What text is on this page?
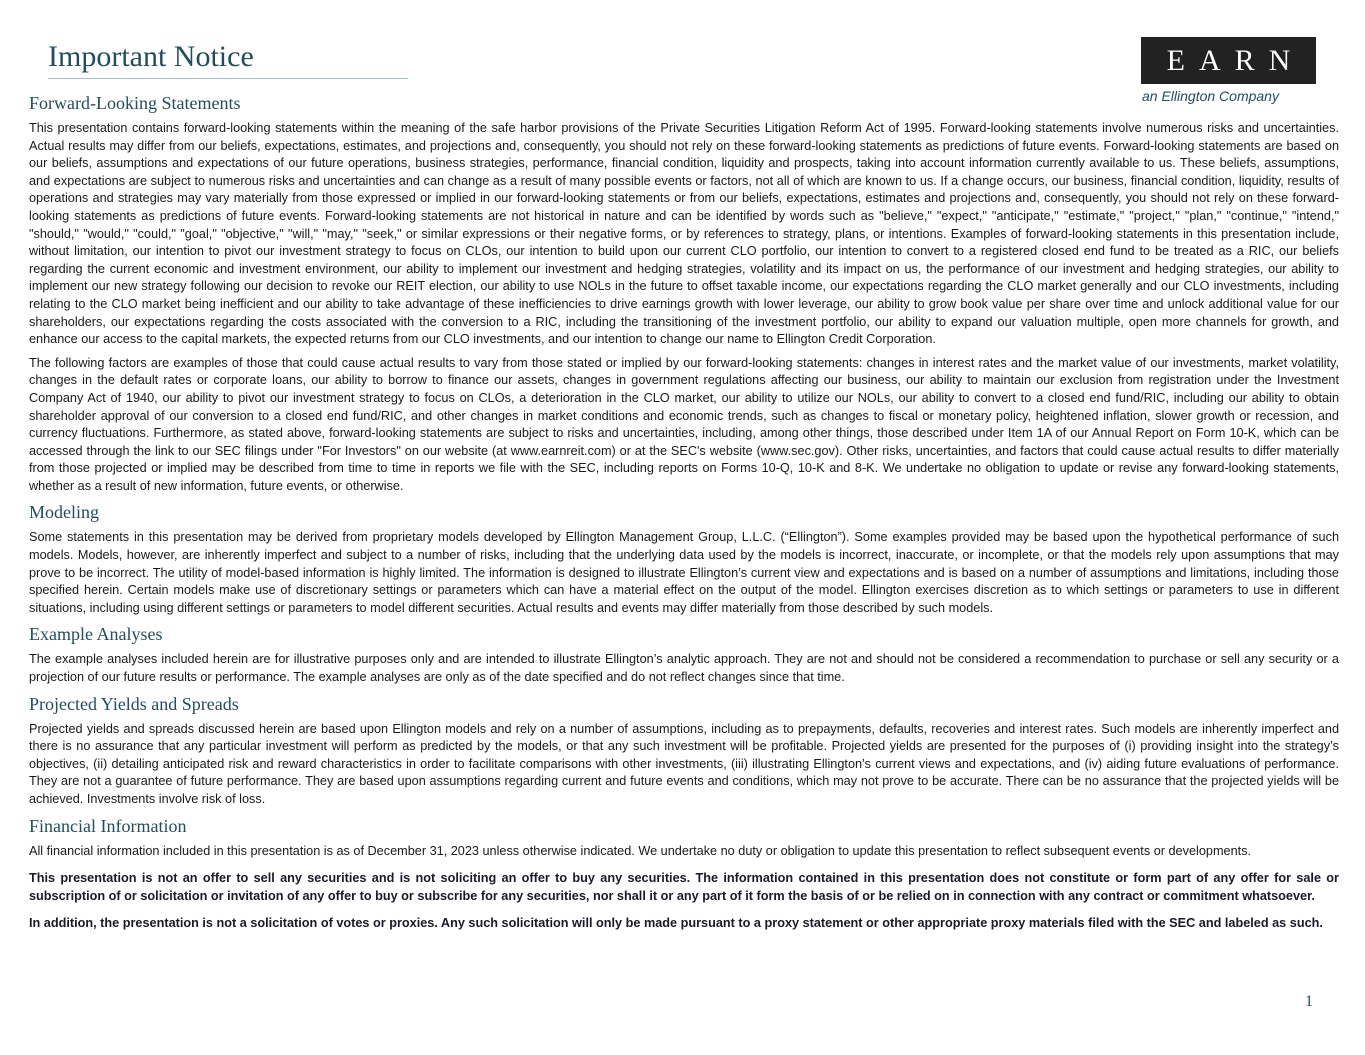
Important Notice	EARN
an Ellington Company
Forward-Looking Statements

This presentation contains forward-looking statements within the meaning of the safe harbor provisions of the Private Securities Litigation Reform Act of 1995. Forward-looking statements involve numerous risks and uncertainties. Actual results may differ from our beliefs, expectations, estimates, and projections and, consequently, you should not rely on these forward-looking statements as predictions of future events. Forward-looking statements are based on our beliefs, assumptions and expectations of our future operations, business strategies, performance, financial condition, liquidity and prospects, taking into account information currently available to us. These beliefs, assumptions, and expectations are subject to numerous risks and uncertainties and can change as a result of many possible events or factors, not all of which are known to us. If a change occurs, our business, financial condition, liquidity, results of operations and strategies may vary materially from those expressed or implied in our forward-looking statements or from our beliefs, expectations, estimates and projections and, consequently, you should not rely on these forward-looking statements as predictions of future events. Forward-looking statements are not historical in nature and can be identified by words such as "believe," "expect," "anticipate," "estimate," "project," "plan," "continue," "intend," "should," "would," "could," "goal," "objective," "will," "may," "seek," or similar expressions or their negative forms, or by references to strategy, plans, or intentions. Examples of forward-looking statements in this presentation include, without limitation, our intention to pivot our investment strategy to focus on CLOs, our intention to build upon our current CLO portfolio, our intention to convert to a registered closed end fund to be treated as a RIC, our beliefs regarding the current economic and investment environment, our ability to implement our investment and hedging strategies, volatility and its impact on us, the performance of our investment and hedging strategies, our ability to implement our new strategy following our decision to revoke our REIT election, our ability to use NOLs in the future to offset taxable income, our expectations regarding the CLO market generally and our CLO investments, including relating to the CLO market being inefficient and our ability to take advantage of these inefficiencies to drive earnings growth with lower leverage, our ability to grow book value per share over time and unlock additional value for our shareholders, our expectations regarding the costs associated with the conversion to a RIC, including the transitioning of the investment portfolio, our ability to expand our valuation multiple, open more channels for growth, and enhance our access to the capital markets, the expected returns from our CLO investments, and our intention to change our name to Ellington Credit Corporation.

The following factors are examples of those that could cause actual results to vary from those stated or implied by our forward-looking statements: changes in interest rates and the market value of our investments, market volatility, changes in the default rates or corporate loans, our ability to borrow to finance our assets, changes in government regulations affecting our business, our ability to maintain our exclusion from registration under the Investment Company Act of 1940, our ability to pivot our investment strategy to focus on CLOs, a deterioration in the CLO market, our ability to utilize our NOLs, our ability to convert to a closed end fund/RIC, including our ability to obtain shareholder approval of our conversion to a closed end fund/RIC, and other changes in market conditions and economic trends, such as changes to fiscal or monetary policy, heightened inflation, slower growth or recession, and currency fluctuations. Furthermore, as stated above, forward-looking statements are subject to risks and uncertainties, including, among other things, those described under Item 1A of our Annual Report on Form 10-K, which can be accessed through the link to our SEC filings under "For Investors" on our website (at www.earnreit.com) or at the SEC's website (www.sec.gov). Other risks, uncertainties, and factors that could cause actual results to differ materially from those projected or implied may be described from time to time in reports we file with the SEC, including reports on Forms 10-Q, 10-K and 8-K. We undertake no obligation to update or revise any forward-looking statements, whether as a result of new information, future events, or otherwise.

Modeling

Some statements in this presentation may be derived from proprietary models developed by Ellington Management Group, L.L.C. (“Ellington”). Some examples provided may be based upon the hypothetical performance of such models. Models, however, are inherently imperfect and subject to a number of risks, including that the underlying data used by the models is incorrect, inaccurate, or incomplete, or that the models rely upon assumptions that may prove to be incorrect. The utility of model-based information is highly limited. The information is designed to illustrate Ellington’s current view and expectations and is based on a number of assumptions and limitations, including those specified herein. Certain models make use of discretionary settings or parameters which can have a material effect on the output of the model. Ellington exercises discretion as to which settings or parameters to use in different situations, including using different settings or parameters to model different securities. Actual results and events may differ materially from those described by such models.

Example Analyses

The example analyses included herein are for illustrative purposes only and are intended to illustrate Ellington’s analytic approach. They are not and should not be considered a recommendation to purchase or sell any security or a projection of our future results or performance. The example analyses are only as of the date specified and do not reflect changes since that time.

Projected Yields and Spreads

Projected yields and spreads discussed herein are based upon Ellington models and rely on a number of assumptions, including as to prepayments, defaults, recoveries and interest rates. Such models are inherently imperfect and there is no assurance that any particular investment will perform as predicted by the models, or that any such investment will be profitable. Projected yields are presented for the purposes of (i) providing insight into the strategy’s objectives, (ii) detailing anticipated risk and reward characteristics in order to facilitate comparisons with other investments, (iii) illustrating Ellington’s current views and expectations, and (iv) aiding future evaluations of performance. They are not a guarantee of future performance. They are based upon assumptions regarding current and future events and conditions, which may not prove to be accurate. There can be no assurance that the projected yields will be achieved. Investments involve risk of loss.

Financial Information

All financial information included in this presentation is as of December 31, 2023 unless otherwise indicated. We undertake no duty or obligation to update this presentation to reflect subsequent events or developments.

This presentation is not an offer to sell any securities and is not soliciting an offer to buy any securities. The information contained in this presentation does not constitute or form part of any offer for sale or subscription of or solicitation or invitation of any offer to buy or subscribe for any securities, nor shall it or any part of it form the basis of or be relied on in connection with any contract or commitment whatsoever.

In addition, the presentation is not a solicitation of votes or proxies. Any such solicitation will only be made pursuant to a proxy statement or other appropriate proxy materials filed with the SEC and labeled as such.

1
